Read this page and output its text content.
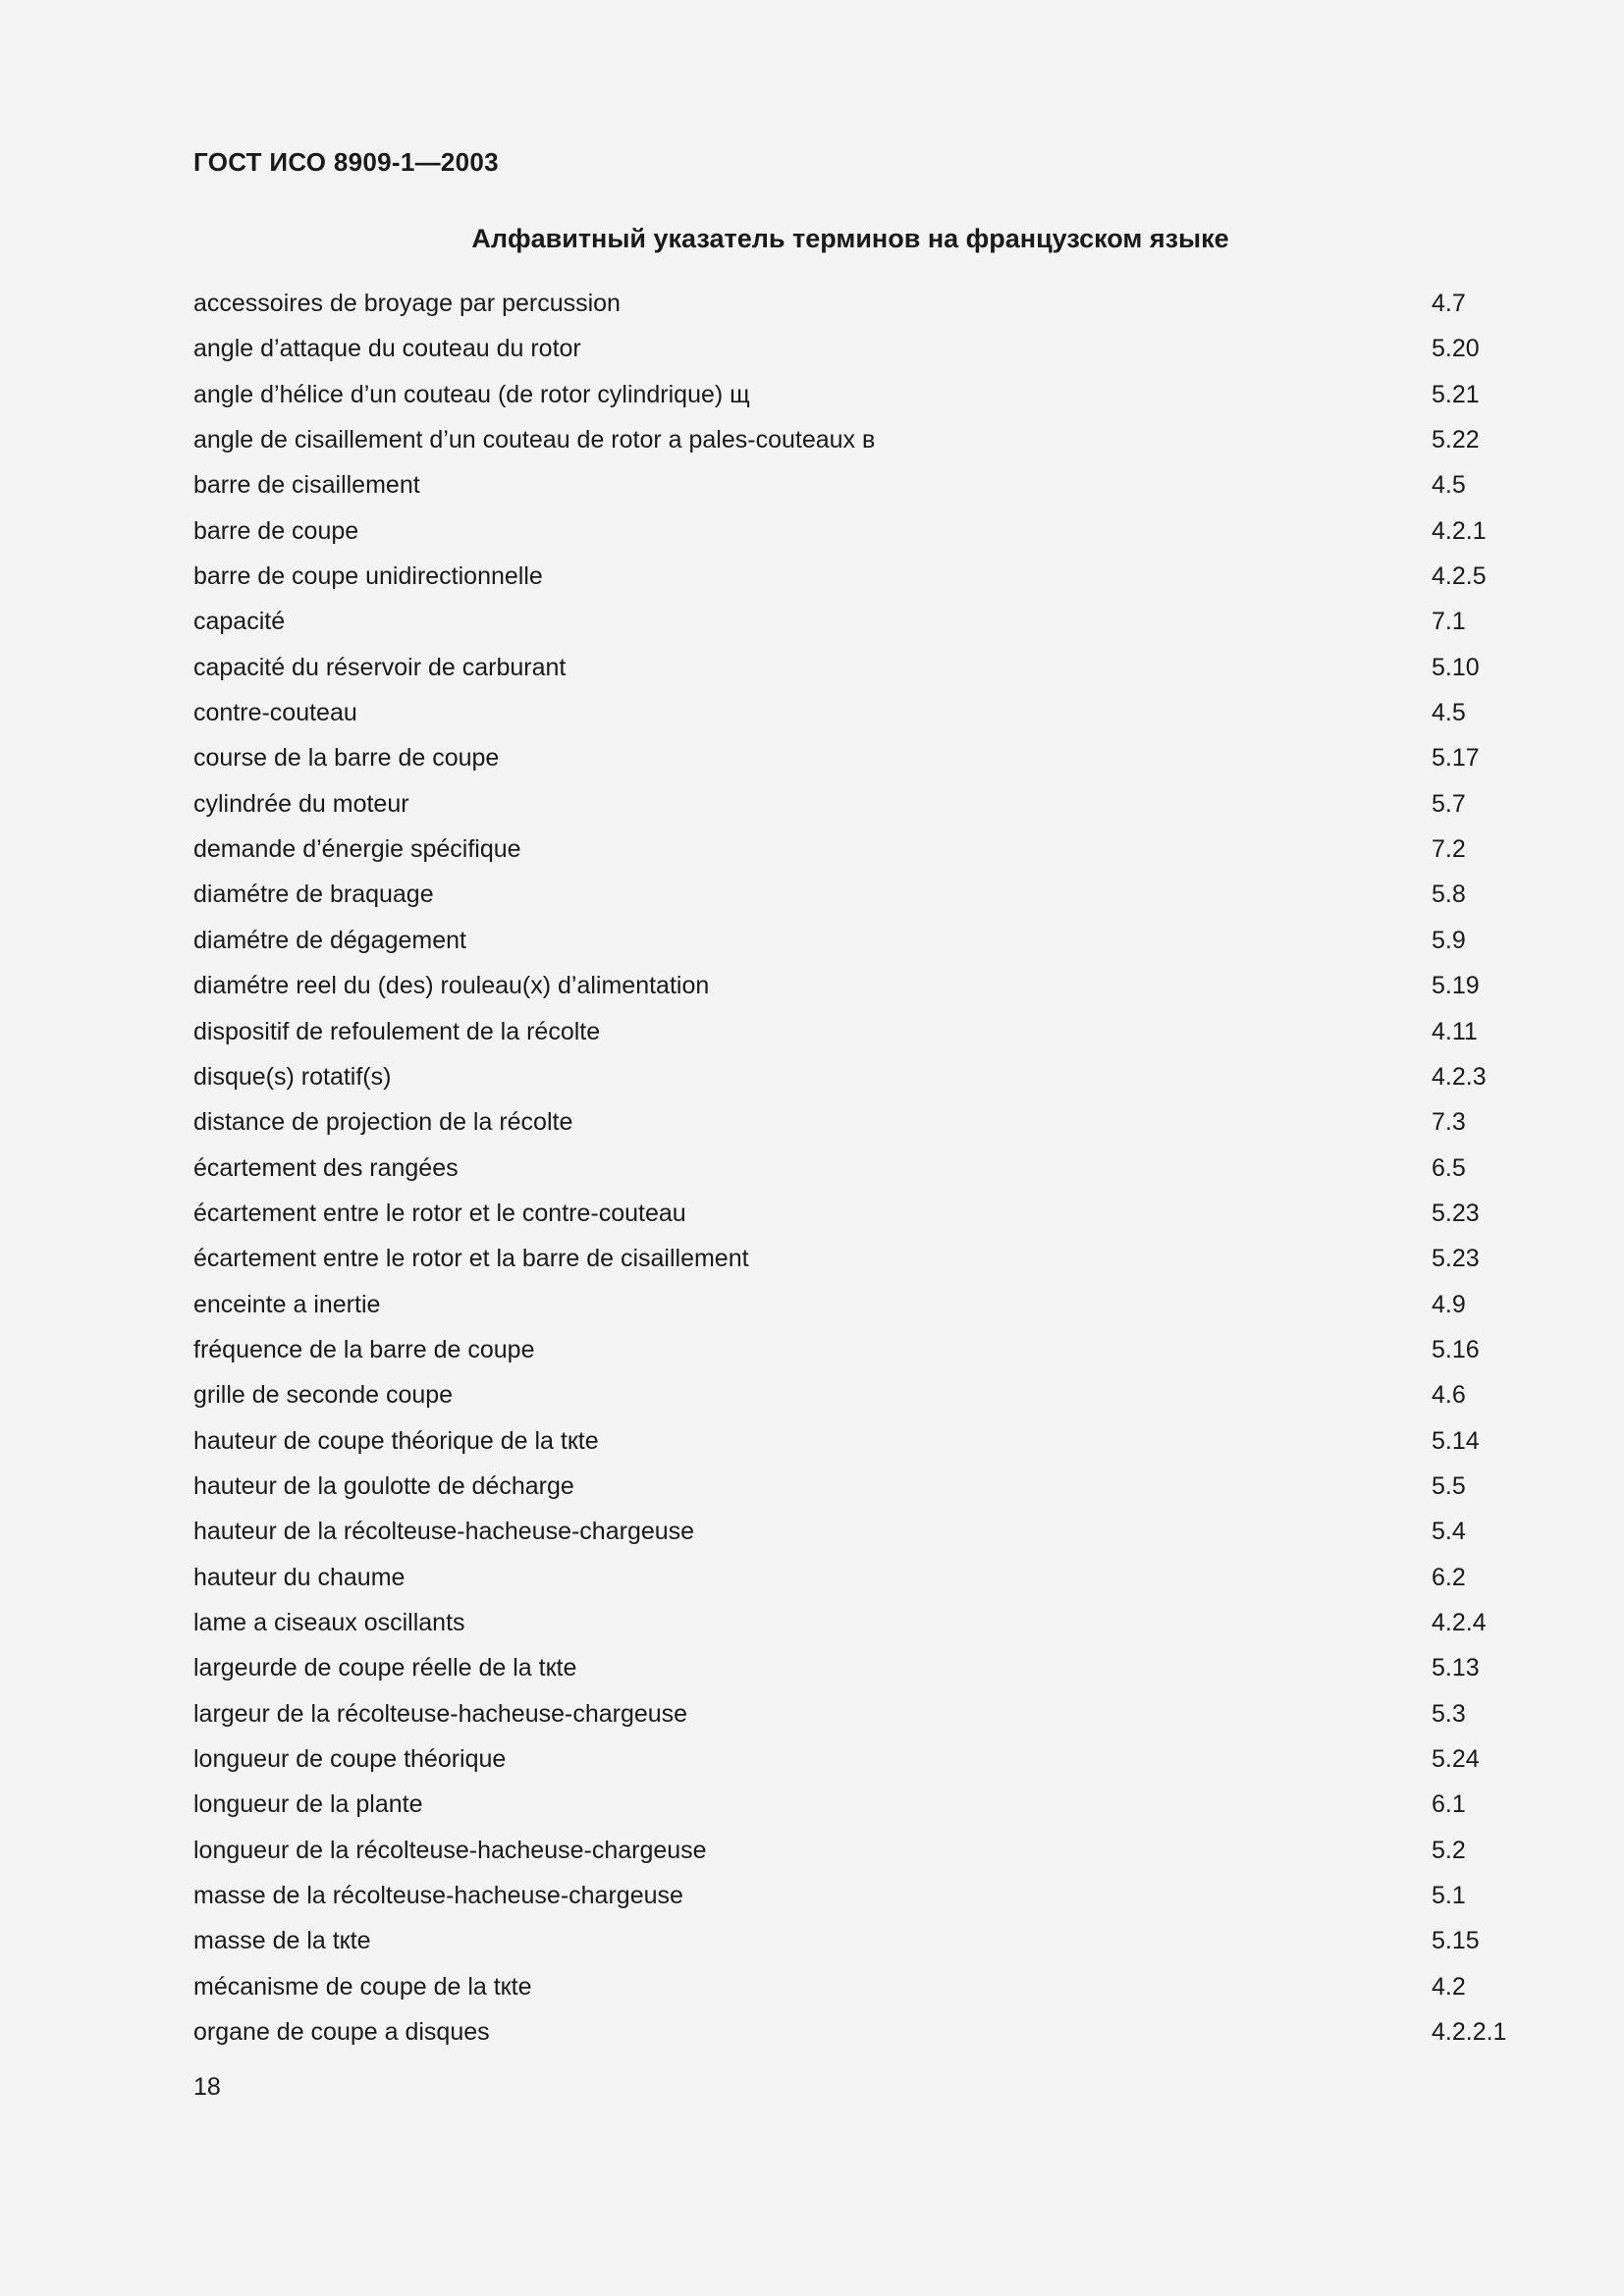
ГОСТ ИСО 8909-1—2003
Алфавитный указатель терминов на французском языке
accessoires de broyage par percussion	4.7
angle d’attaque du couteau du rotor	5.20
angle d’hélice d’un couteau (de rotor cylindrique) щ	5.21
angle de cisaillement d’un couteau de rotor a pales-couteaux в	5.22
barre de cisaillement	4.5
barre de coupe	4.2.1
barre de coupe unidirectionnelle	4.2.5
capacité	7.1
capacité du réservoir de carburant	5.10
contre-couteau	4.5
course de la barre de coupe	5.17
cylindrée du moteur	5.7
demande d’énergie spécifique	7.2
diamétre de braquage	5.8
diamétre de dégagement	5.9
diamétre reel du (des) rouleau(x) d’alimentation	5.19
dispositif de refoulement de la récolte	4.11
disque(s) rotatif(s)	4.2.3
distance de projection de la récolte	7.3
écartement des rangées	6.5
écartement entre le rotor et le contre-couteau	5.23
écartement entre le rotor et la barre de cisaillement	5.23
enceinte a inertie	4.9
fréquence de la barre de coupe	5.16
grille de seconde coupe	4.6
hauteur de coupe théorique de la tкte	5.14
hauteur de la goulotte de décharge	5.5
hauteur de la récolteuse-hacheuse-chargeuse	5.4
hauteur du chaume	6.2
lame a ciseaux oscillants	4.2.4
largeurde de coupe réelle de la tкte	5.13
largeur de la récolteuse-hacheuse-chargeuse	5.3
longueur de coupe théorique	5.24
longueur de la plante	6.1
longueur de la récolteuse-hacheuse-chargeuse	5.2
masse de la récolteuse-hacheuse-chargeuse	5.1
masse de la tкte	5.15
mécanisme de coupe de la tкte	4.2
organe de coupe a disques	4.2.2.1
18
